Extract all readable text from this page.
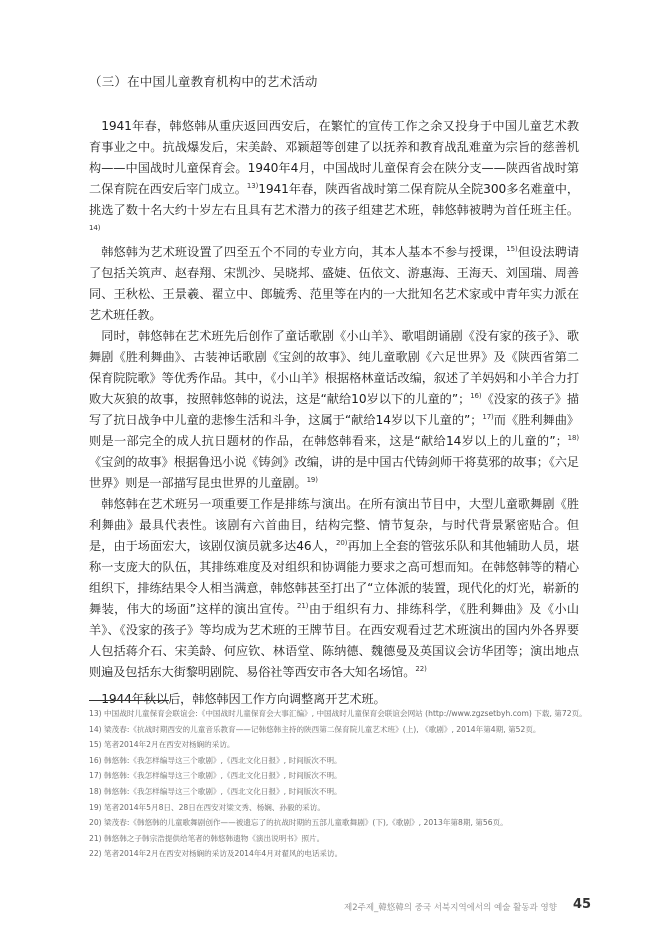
（三）在中国儿童教育机构中的艺术活动

1941年春，韩悠韩从重庆返回西安后，在繁忙的宣传工作之余又投身于中国儿童艺术教育事业之中。抗战爆发后，宋美龄、邓颖超等创建了以抚养和教育战乱难童为宗旨的慈善机构——中国战时儿童保育会。1940年4月，中国战时儿童保育会在陕分支——陕西省战时第二保育院在西安后宰门成立。$^{13)}$1941年春，陕西省战时第二保育院从全院300多名难童中，挑选了数十名大约十岁左右且具有艺术潜力的孩子组建艺术班，韩悠韩被聘为首任班主任。$^{14)}$

韩悠韩为艺术班设置了四至五个不同的专业方向，其本人基本不参与授课，$^{15)}$但设法聘请了包括关筑声、赵春翔、宋凯沙、吴晓邦、盛婕、伍依文、游惠海、王海天、刘国瑞、周善同、王秋松、王景羲、翟立中、郎毓秀、范里等在内的一大批知名艺术家或中青年实力派在艺术班任教。

同时，韩悠韩在艺术班先后创作了童话歌剧《小山羊》、歌唱朗诵剧《没有家的孩子》、歌舞剧《胜利舞曲》、古装神话歌剧《宝剑的故事》、纯儿童歌剧《六足世界》及《陕西省第二保育院院歌》等优秀作品。其中，《小山羊》根据格林童话改编，叙述了羊妈妈和小羊合力打败大灰狼的故事，按照韩悠韩的说法，这是“献给10岁以下的儿童的”；$^{16)}$《没家的孩子》描写了抗日战争中儿童的悲惨生活和斗争，这属于“献给14岁以下儿童的”；$^{17)}$而《胜利舞曲》则是一部完全的成人抗日题材的作品，在韩悠韩看来，这是“献给14岁以上的儿童的”；$^{18)}$《宝剑的故事》根据鲁迅小说《铸剑》改编，讲的是中国古代铸剑师干将莫邪的故事；《六足世界》则是一部描写昆虫世界的儿童剧。$^{19)}$

韩悠韩在艺术班另一项重要工作是排练与演出。在所有演出节目中，大型儿童歌舞剧《胜利舞曲》最具代表性。该剧有六首曲目，结构完整、情节复杂，与时代背景紧密贴合。但是，由于场面宏大，该剧仅演员就多达46人，$^{20)}$再加上全套的管弦乐队和其他辅助人员，堪称一支庞大的队伍，其排练难度及对组织和协调能力要求之高可想而知。在韩悠韩等的精心组织下，排练结果令人相当满意，韩悠韩甚至打出了“立体派的装置，现代化的灯光，崭新的舞装，伟大的场面”这样的演出宣传。$^{21)}$由于组织有力、排练科学，《胜利舞曲》及《小山羊》、《没家的孩子》等均成为艺术班的王牌节目。在西安观看过艺术班演出的国内外各界要人包括蒋介石、宋美龄、何应钦、林语堂、陈纳德、魏德曼及英国议会访华团等；演出地点则遍及包括东大街黎明剧院、易俗社等西安市各大知名场馆。$^{22)}$

1944年秋以后，韩悠韩因工作方向调整离开艺术班。

13) 中国战时儿童保育会联谊会:《中国战时儿童保育会大事汇编》, 中国战时儿童保育会联谊会网站 (http://www.zgzsetbyh.com) 下载, 第72页。
14) 梁茂春:《抗战时期西安的儿童音乐教育——记韩悠韩主持的陕西第二保育院儿童艺术班》(上), 《歌剧》, 2014年第4期, 第52页。
15) 笔者2014年2月在西安对杨娴的采访。
16) 韩悠韩:《我怎样编导这三个歌剧》,《西北文化日报》, 时间版次不明。
17) 韩悠韩:《我怎样编导这三个歌剧》,《西北文化日报》, 时间版次不明。
18) 韩悠韩:《我怎样编导这三个歌剧》,《西北文化日报》, 时间版次不明。
19) 笔者2014年5月8日、28日在西安对梁文秀、杨娴、孙毅的采访。
20) 梁茂春:《韩悠韩的儿童歌舞剧创作——被遗忘了的抗战时期的五部儿童歌舞剧》(下),《歌剧》, 2013年第8期, 第56页。
21) 韩悠韩之子韩宗浩提供给笔者的韩悠韩遗物《演出说明书》照片。
22) 笔者2014年2月在西安对杨娴的采访及2014年4月对翟风的电话采访。
제2주제_韓悠韓의 중국 서북지역에서의 예술 활동과 영향 45
